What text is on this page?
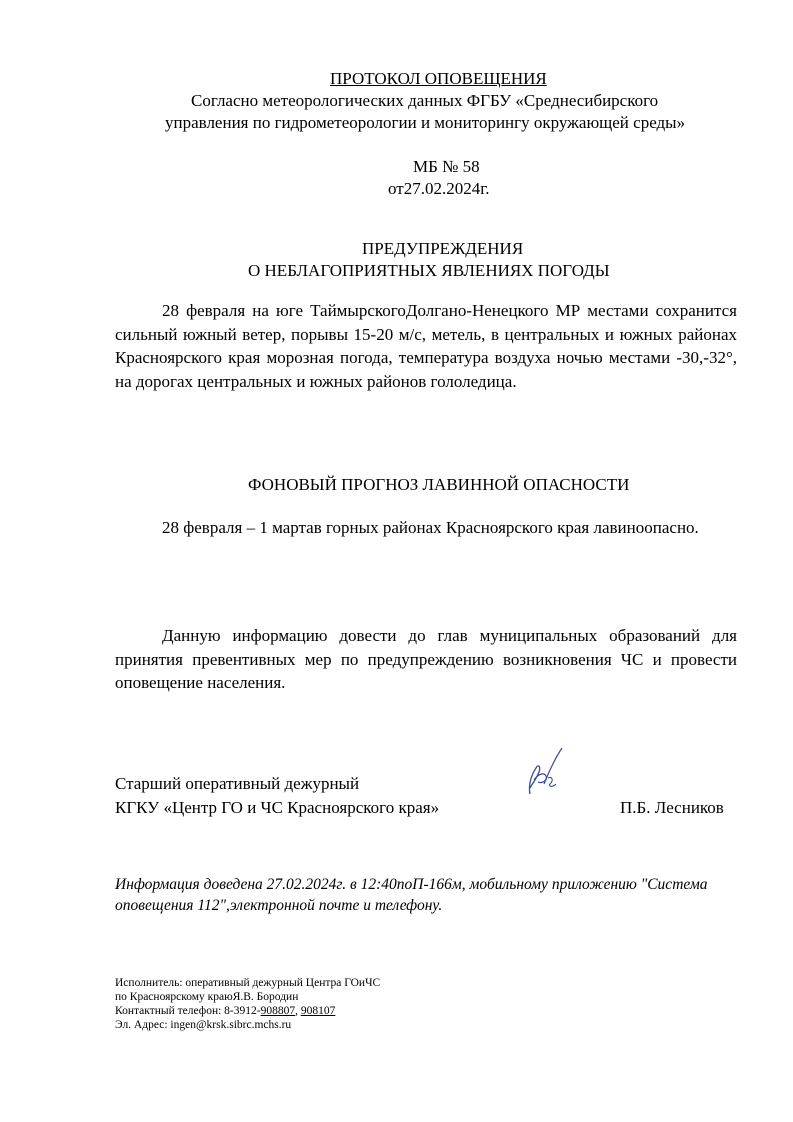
ПРОТОКОЛ ОПОВЕЩЕНИЯ
Согласно метеорологических данных ФГБУ «Среднесибирского
управления по гидрометеорологии и мониторингу окружающей среды»
МБ № 58
от27.02.2024г.
ПРЕДУПРЕЖДЕНИЯ
О НЕБЛАГОПРИЯТНЫХ ЯВЛЕНИЯХ ПОГОДЫ
28 февраля на юге ТаймырскогоДолгано-Ненецкого МР местами сохранится сильный южный ветер, порывы 15-20 м/с, метель, в центральных и южных районах Красноярского края морозная погода, температура воздуха ночью местами -30,-32°, на дорогах центральных и южных районов гололедица.
ФОНОВЫЙ ПРОГНОЗ ЛАВИННОЙ ОПАСНОСТИ
28 февраля – 1 мартав горных районах Красноярского края лавиноопасно.
Данную информацию довести до глав муниципальных образований для принятия превентивных мер по предупреждению возникновения ЧС и провести оповещение населения.
Старший оперативный дежурный
КГКУ «Центр ГО и ЧС Красноярского края»	П.Б. Лесников
Информация доведена 27.02.2024г. в 12:40поП-166м, мобильному приложению "Система оповещения 112",электронной почте и телефону.
Исполнитель: оперативный дежурный Центра ГОиЧС
по Красноярскому краюЯ.В. Бородин
Контактный телефон: 8-3912-908807, 908107
Эл. Адрес: ingen@krsk.sibrc.mchs.ru
